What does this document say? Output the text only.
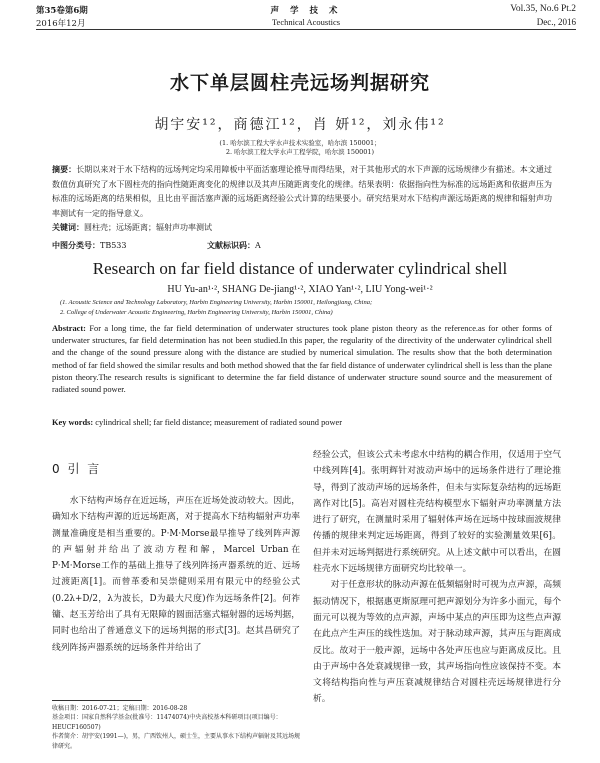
第35卷第6期
2016年12月
声 学 技 术
Technical Acoustics
Vol.35, No.6 Pt.2
Dec., 2016
水下单层圆柱壳远场判据研究
胡宇安¹²，商德江¹²，肖 妍¹²，刘永伟¹²
(1. 哈尔滨工程大学水声技术实验室，哈尔滨 150001；
2. 哈尔滨工程大学水声工程学院，哈尔滨 150001)
摘要：长期以来对于水下结构的远场判定均采用障板中平面活塞理论推导而得结果，对于其他形式的水下声源的远场规律少有描述。本文通过数值仿真研究了水下圆柱壳的指向性随距离变化的规律以及其声压随距离变化的规律。结果表明：依据指向性为标准的远场距离和依据声压为标准的远场距离的结果相似，且比由平面活塞声源的远场距离经验公式计算的结果要小。研究结果对水下结构声源远场距离的规律和辐射声功率测试有一定的指导意义。
关键词：圆柱壳；远场距离；辐射声功率测试
中图分类号：TB533	文献标识码：A
Research on far field distance of underwater cylindrical shell
HU Yu-an¹·², SHANG De-jiang¹·², XIAO Yan¹·², LIU Yong-wei¹·²
(1. Acoustic Science and Technology Laboratory, Harbin Engineering University, Harbin 150001, Heilongjiang, China;
2. College of Underwater Acoustic Engineering, Harbin Engineering University, Harbin 150001, China)
Abstract: For a long time, the far field determination of underwater structures took plane piston theory as the reference.as for other forms of underwater structures, far field determination has not been studied.In this paper, the regularity of the directivity of the underwater cylindrical shell and the change of the sound pressure along with the distance are studied by numerical simulation. The results show that the both determination method of far field showed the similar results and both method showed that the far field distance of underwater cylindrical shell is less than the plane piston theory.The research results is significant to determine the far field distance of underwater structure sound source and the measurement of radiated sound power.
Key words: cylindrical shell; far field distance; measurement of radiated sound power
0 引 言
水下结构声场存在近远场，声压在近场处波动较大。因此，确知水下结构声源的近远场距离，对于提高水下结构辐射声功率测量准确度是相当重要的。P·M·Morse最早推导了线列阵声源的声辐射并给出了波动方程和解，Marcel Urban在P·M·Morse工作的基础上推导了线列阵扬声器系统的近、远场过渡距离[1]。而曾革委和吴崇健则采用有限元中的经验公式(0.2λ+D/2，λ为波长，D为最大尺度)作为远场条件[2]。何祚镛、赵玉芳给出了具有无限障的圆面活塞式辐射器的远场判据，同时也给出了普通意义下的远场判据的形式[3]。赵其昌研究了线列阵扬声器系统的远场条件并给出了

经验公式，但该公式未考虑水中结构的耦合作用，仅适用于空气中线列阵[4]。张明辉针对波动声场中的远场条件进行了理论推导，得到了波动声场的远场条件，但未与实际复杂结构的远场距离作对比[5]。高岩对圆柱壳结构模型水下辐射声功率测量方法进行了研究，在测量时采用了辐射体声场在远场中按球面波规律传播的规律来判定远场距离，得到了较好的实验测量效果[6]。但并未对远场判据进行系统研究。从上述文献中可以看出，在圆柱壳水下远场规律方面研究均比较单一。

对于任意形状的脉动声源在低频辐射时可视为点声源，高频振动情况下，根据惠更斯原理可把声源划分为许多小面元，每个面元可以视为等效的点声源，声场中某点的声压即为这些点声源在此点产生声压的线性迭加。对于脉动球声源，其声压与距离成反比。故对于一般声源，远场中各处声压也应与距离成反比。且由于声场中各处衰减规律一致，其声场指向性应该保持不变。本文将结构指向性与声压衰减规律结合对圆柱壳远场规律进行分析。

收稿日期：2016-07-21；定稿日期：2016-08-28
基金项目：国家自然科学基金(批准号：11474074)中央高校基本科研项目(项目编号：HEUCF160507)
作者简介：胡宇安(1991—)，男，广西钦州人，硕士生，主要从事水下结构声辐射及其远场规律研究。
